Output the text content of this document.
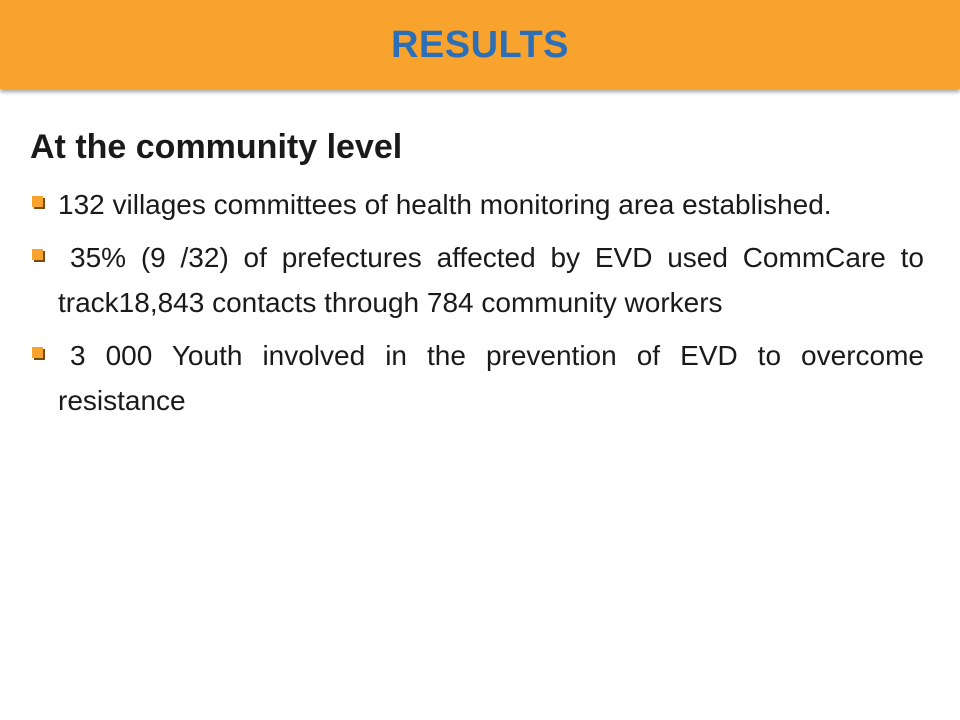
RESULTS
At the community level
132 villages committees of health monitoring area established.
35% (9 /32) of prefectures affected by EVD used CommCare to track18,843 contacts through 784 community workers
3 000 Youth involved in the prevention of EVD to overcome resistance
